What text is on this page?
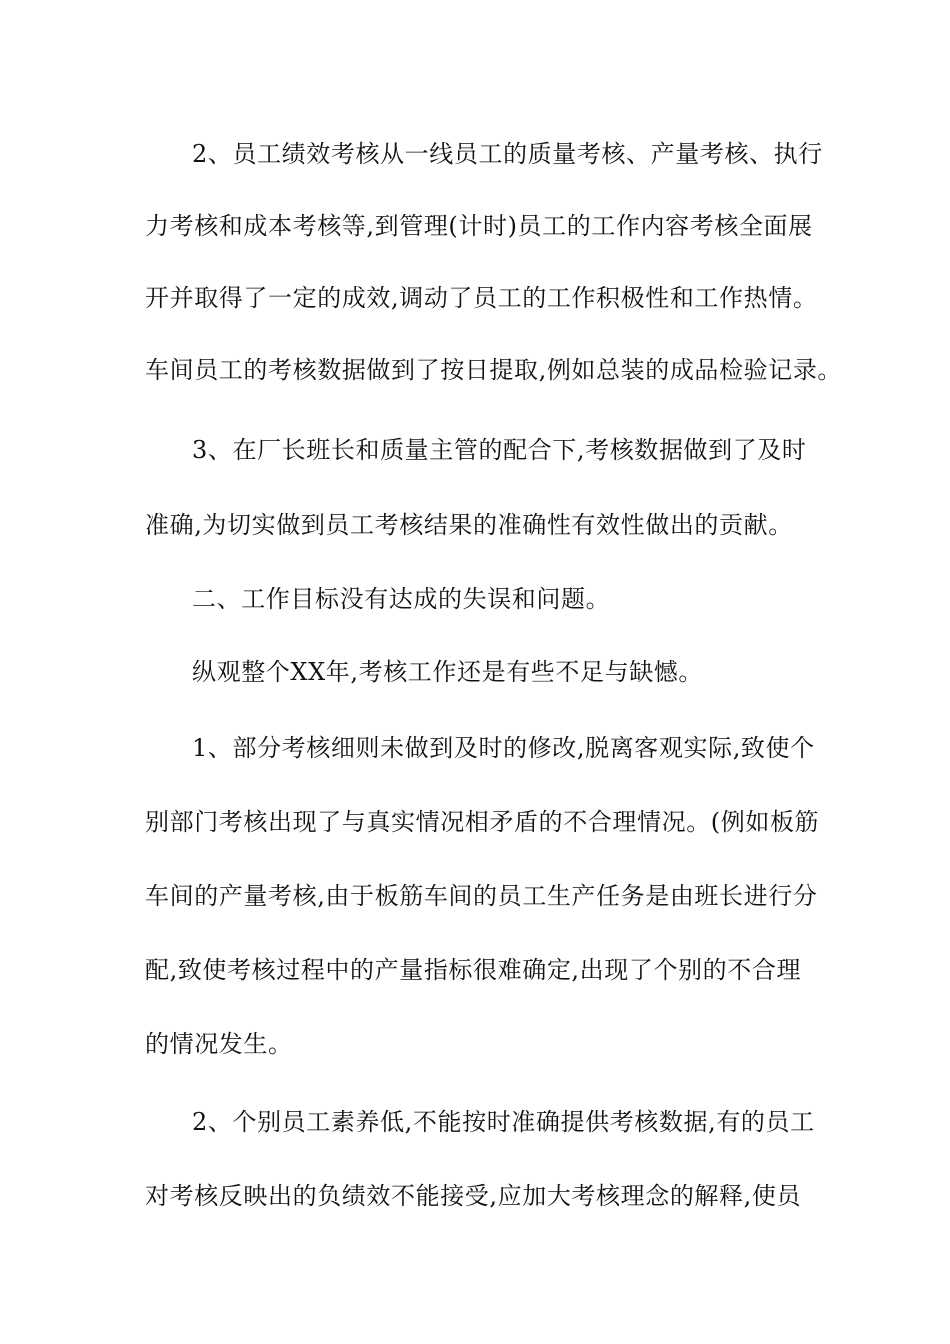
2、员工绩效考核从一线员工的质量考核、产量考核、执行
力考核和成本考核等,到管理(计时)员工的工作内容考核全面展
开并取得了一定的成效,调动了员工的工作积极性和工作热情。
车间员工的考核数据做到了按日提取,例如总装的成品检验记录。
3、在厂长班长和质量主管的配合下,考核数据做到了及时
准确,为切实做到员工考核结果的准确性有效性做出的贡献。
二、工作目标没有达成的失误和问题。
纵观整个XX年,考核工作还是有些不足与缺憾。
1、部分考核细则未做到及时的修改,脱离客观实际,致使个
别部门考核出现了与真实情况相矛盾的不合理情况。(例如板筋
车间的产量考核,由于板筋车间的员工生产任务是由班长进行分
配,致使考核过程中的产量指标很难确定,出现了个别的不合理
的情况发生。
2、个别员工素养低,不能按时准确提供考核数据,有的员工
对考核反映出的负绩效不能接受,应加大考核理念的解释,使员
